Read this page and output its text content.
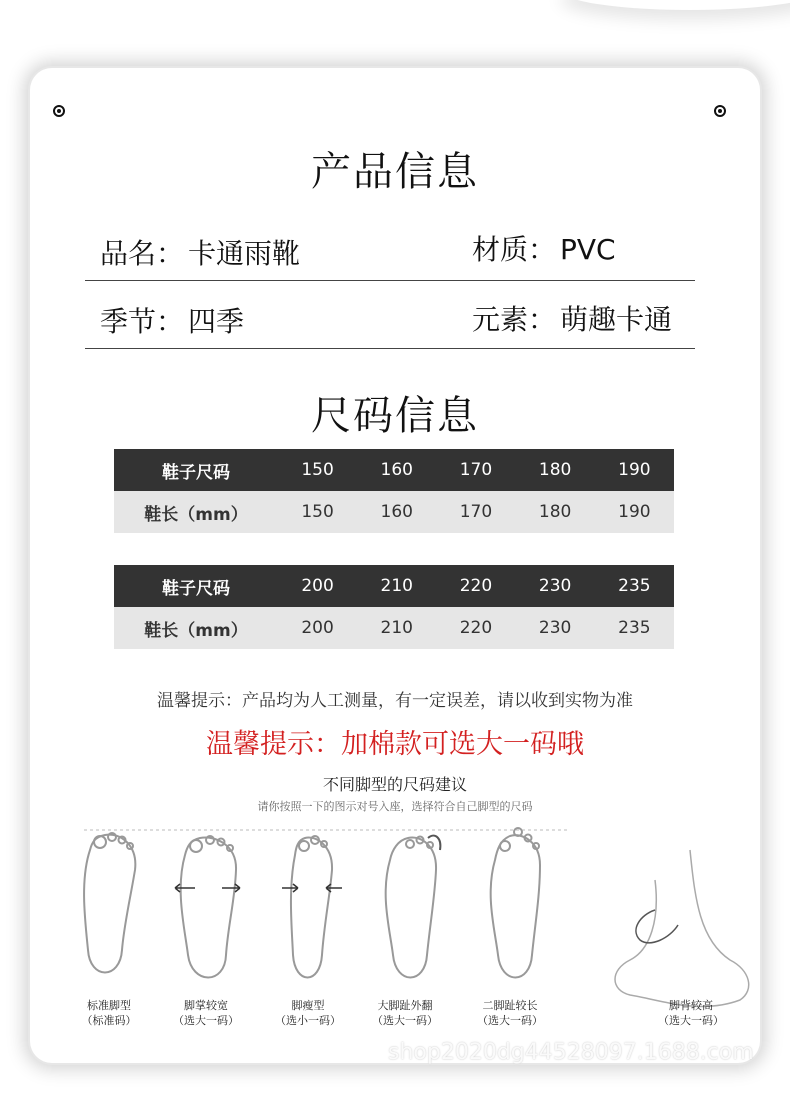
产品信息
品名： 卡通雨靴	材质： PVC
季节： 四季	元素： 萌趣卡通
尺码信息
鞋子尺码	150	160	170	180	190
鞋长（mm）	150	160	170	180	190
鞋子尺码	200	210	220	230	235
鞋长（mm）	200	210	220	230	235
温馨提示：产品均为人工测量，有一定误差，请以收到实物为准
温馨提示：加棉款可选大一码哦
不同脚型的尺码建议
请你按照一下的图示对号入座，选择符合自己脚型的尺码
标准脚型
（标准码）
脚掌较宽
（选大一码）
脚瘦型
（选小一码）
大脚趾外翻
（选大一码）
二脚趾较长
（选大一码）
脚背较高
（选大一码）
shop2020dg44528097.1688.com
